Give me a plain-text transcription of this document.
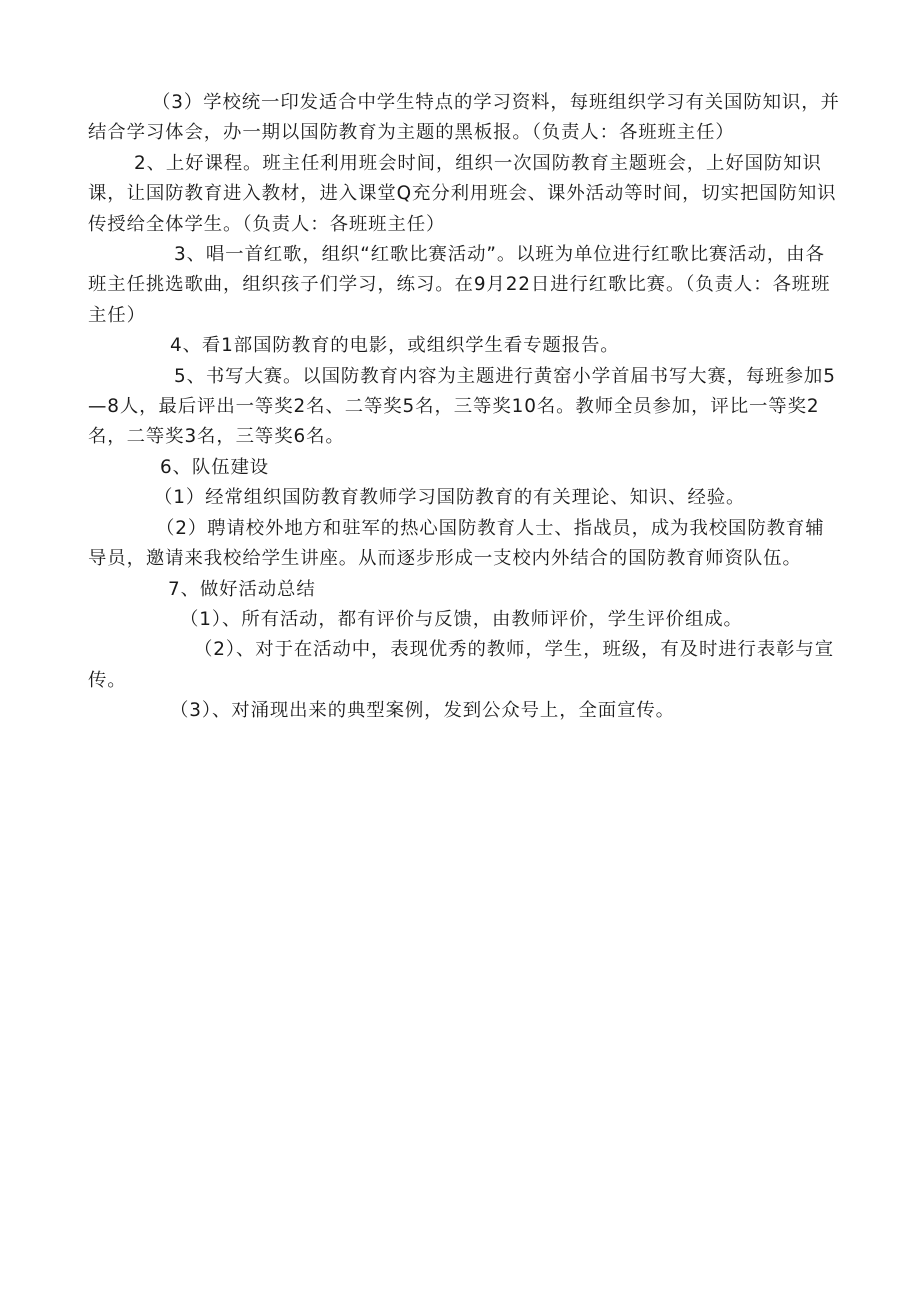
（3）学校统一印发适合中学生特点的学习资料，每班组织学习有关国防知识，并结合学习体会，办一期以国防教育为主题的黑板报。（负责人：各班班主任）

2、上好课程。班主任利用班会时间，组织一次国防教育主题班会，上好国防知识课，让国防教育进入教材，进入课堂Q充分利用班会、课外活动等时间，切实把国防知识传授给全体学生。（负责人：各班班主任）

3、唱一首红歌，组织“红歌比赛活动”。以班为单位进行红歌比赛活动，由各班主任挑选歌曲，组织孩子们学习，练习。在9月22日进行红歌比赛。（负责人：各班班主任）

4、看1部国防教育的电影，或组织学生看专题报告。

5、书写大赛。以国防教育内容为主题进行黄窑小学首届书写大赛，每班参加5—8人，最后评出一等奖2名、二等奖5名，三等奖10名。教师全员参加，评比一等奖2名，二等奖3名，三等奖6名。

6、队伍建设

（1）经常组织国防教育教师学习国防教育的有关理论、知识、经验。

（2）聘请校外地方和驻军的热心国防教育人士、指战员，成为我校国防教育辅导员，邀请来我校给学生讲座。从而逐步形成一支校内外结合的国防教育师资队伍。

7、做好活动总结

（1）、所有活动，都有评价与反馈，由教师评价，学生评价组成。

（2）、对于在活动中，表现优秀的教师，学生，班级，有及时进行表彰与宣传。

（3）、对涌现出来的典型案例，发到公众号上，全面宣传。
